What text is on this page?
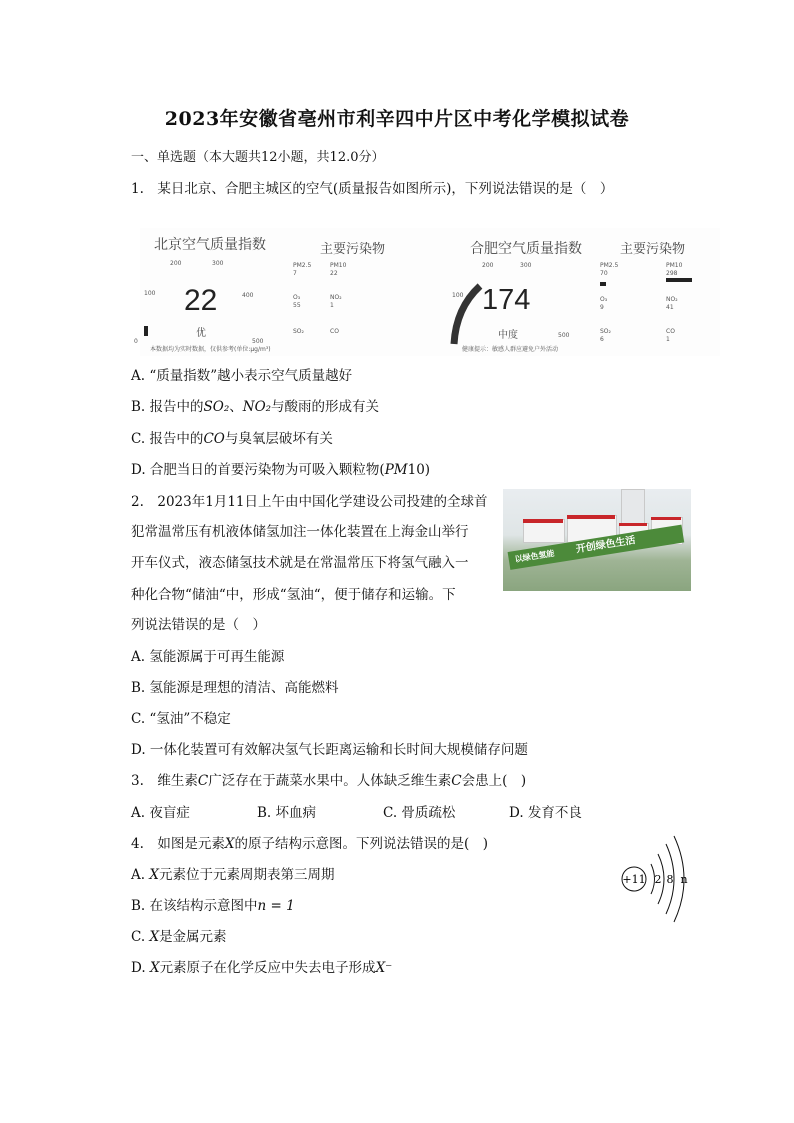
2023年安徽省亳州市利辛四中片区中考化学模拟试卷
一、单选题（本大题共12小题，共12.0分）
1.　某日北京、合肥主城区的空气(质量报告如图所示)，下列说法错误的是（　）
北京空气质量指数
200	300
100	400
0	500
22
优
本数据均为实时数据，仅供参考(单位:μg/m³)
主要污染物
PM2.5
7
PM10
22
O₃
55
NO₂
1
SO₂	CO
合肥空气质量指数
200	300
100
500
174
中度
健康提示：敏感人群应避免户外活动
主要污染物
PM2.5
70
PM10
298
O₃
9
NO₂
41
SO₂
6
CO
1
A. “质量指数”越小表示空气质量越好
B. 报告中的SO₂、NO₂与酸雨的形成有关
C. 报告中的CO与臭氧层破坏有关
D. 合肥当日的首要污染物为可吸入颗粒物(PM10)
2.　2023年1月11日上午由中国化学建设公司投建的全球首
犯常温常压有机液体储氢加注一体化装置在上海金山举行
开车仪式，液态储氢技术就是在常温常压下将氢气融入一
种化合物“储油“中，形成“氢油“，便于储存和运输。下
列说法错误的是（　）
以绿色氢能开创绿色生活
A. 氢能源属于可再生能源
B. 氢能源是理想的清洁、高能燃料
C. “氢油”不稳定
D. 一体化装置可有效解决氢气长距离运输和长时间大规模储存问题
3.　维生素C广泛存在于蔬菜水果中。人体缺乏维生素C会患上(　)
A. 夜盲症	B. 坏血病	C. 骨质疏松	D. 发育不良
4.　如图是元素X的原子结构示意图。下列说法错误的是(　)
A. X元素位于元素周期表第三周期
B. 在该结构示意图中n = 1
C. X是金属元素
D. X元素原子在化学反应中失去电子形成X⁻
+11 2 8 n
